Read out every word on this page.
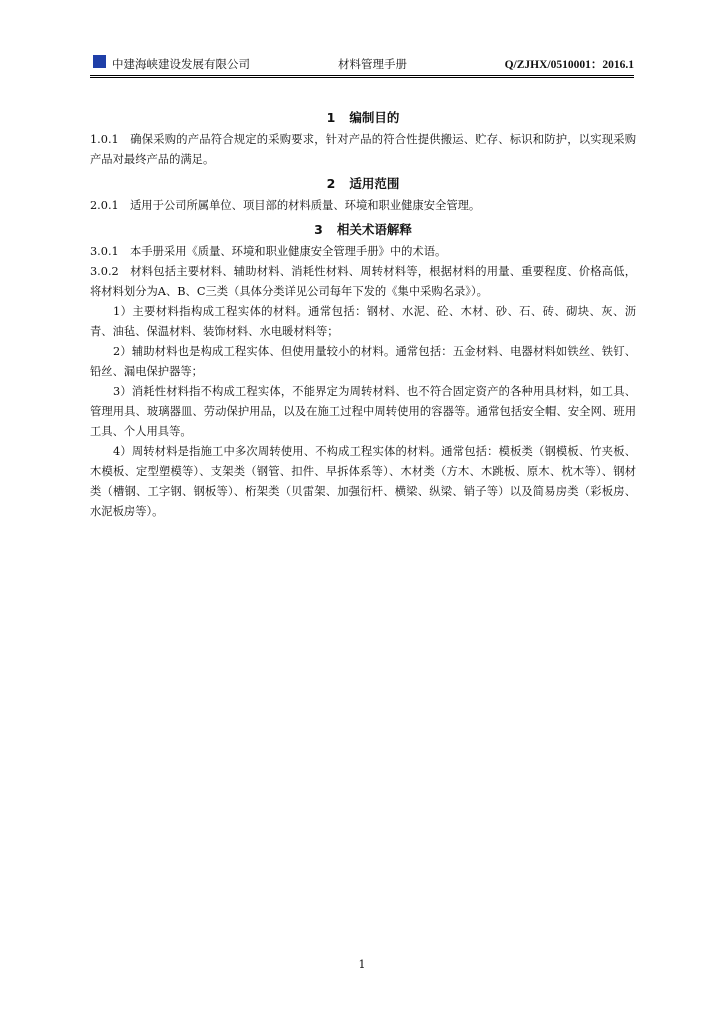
中建海峡建设发展有限公司	材料管理手册	Q/ZJHX/0510001：2016.1
1 编制目的

1.0.1 确保采购的产品符合规定的采购要求，针对产品的符合性提供搬运、贮存、标识和防护，以实现采购产品对最终产品的满足。

2 适用范围

2.0.1 适用于公司所属单位、项目部的材料质量、环境和职业健康安全管理。

3 相关术语解释

3.0.1 本手册采用《质量、环境和职业健康安全管理手册》中的术语。

3.0.2 材料包括主要材料、辅助材料、消耗性材料、周转材料等，根据材料的用量、重要程度、价格高低，将材料划分为A、B、C三类（具体分类详见公司每年下发的《集中采购名录》）。

1）主要材料指构成工程实体的材料。通常包括：钢材、水泥、砼、木材、砂、石、砖、砌块、灰、沥青、油毡、保温材料、装饰材料、水电暖材料等；

2）辅助材料也是构成工程实体、但使用量较小的材料。通常包括：五金材料、电器材料如铁丝、铁钉、铅丝、漏电保护器等；

3）消耗性材料指不构成工程实体，不能界定为周转材料、也不符合固定资产的各种用具材料，如工具、管理用具、玻璃器皿、劳动保护用品，以及在施工过程中周转使用的容器等。通常包括安全帽、安全网、班用工具、个人用具等。

4）周转材料是指施工中多次周转使用、不构成工程实体的材料。通常包括：模板类（钢模板、竹夹板、木模板、定型塑模等）、支架类（钢管、扣件、早拆体系等）、木材类（方木、木跳板、原木、枕木等）、钢材类（槽钢、工字钢、钢板等）、桁架类（贝雷架、加强衍杆、横梁、纵梁、销子等）以及简易房类（彩板房、水泥板房等）。

1
